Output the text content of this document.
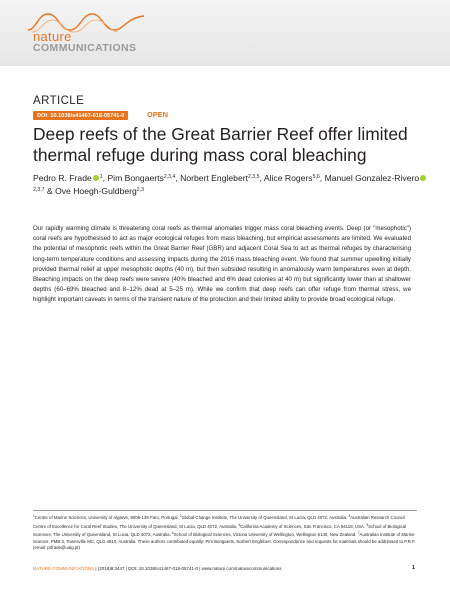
nature
COMMUNICATIONS
ARTICLE
DOI: 10.1038/s41467-018-05741-0	OPEN
Deep reefs of the Great Barrier Reef offer limited thermal refuge during mass coral bleaching
Pedro R. Frade $^1$, Pim Bongaerts$^{2,3,4}$, Norbert Englebert$^{2,3,5}$, Alice Rogers$^{5,6}$, Manuel Gonzalez-Rivero$^{2,3,7}$ & Ove Hoegh-Guldberg$^{2,3}$

Our rapidly warming climate is threatening coral reefs as thermal anomalies trigger mass coral bleaching events. Deep (or "mesophotic") coral reefs are hypothesised to act as major ecological refuges from mass bleaching, but empirical assessments are limited. We evaluated the potential of mesophotic reefs within the Great Barrier Reef (GBR) and adjacent Coral Sea to act as thermal refuges by characterising long-term temperature conditions and assessing impacts during the 2016 mass bleaching event. We found that summer upwelling initially provided thermal relief at upper mesophotic depths (40 m), but then subsided resulting in anomalously warm temperatures even at depth. Bleaching impacts on the deep reefs were severe (40% bleached and 6% dead colonies at 40 m) but significantly lower than at shallower depths (60–69% bleached and 8–12% dead at 5–25 m). While we confirm that deep reefs can offer refuge from thermal stress, we highlight important caveats in terms of the transient nature of the protection and their limited ability to provide broad ecological refuge.

$^1$Centre of Marine Sciences, University of Algarve, 8005-139 Faro, Portugal. $^2$Global Change Institute, The University of Queensland, St Lucia, QLD 4072, Australia. $^3$Australian Research Council Centre of Excellence for Coral Reef Studies, The University of Queensland, St Lucia, QLD 4072, Australia. $^4$California Academy of Sciences, San Francisco, CA 94118, USA. $^5$School of Biological Sciences, The University of Queensland, St Lucia, QLD 4072, Australia. $^6$School of Biological Sciences, Victoria University of Wellington, Wellington 6140, New Zealand. $^7$Australian Institute of Marine Science, PMB 3, Townsville MC, QLD 4810, Australia. These authors contributed equally: Pim Bongaerts, Norbert Englebert. Correspondence and requests for materials should be addressed to P.R.F. (email: prfrade@ualg.pt)

NATURE COMMUNICATIONS | (2018)9:3447 | DOI: 10.1038/s41467-018-05741-0 | www.nature.com/naturecommunications	1
